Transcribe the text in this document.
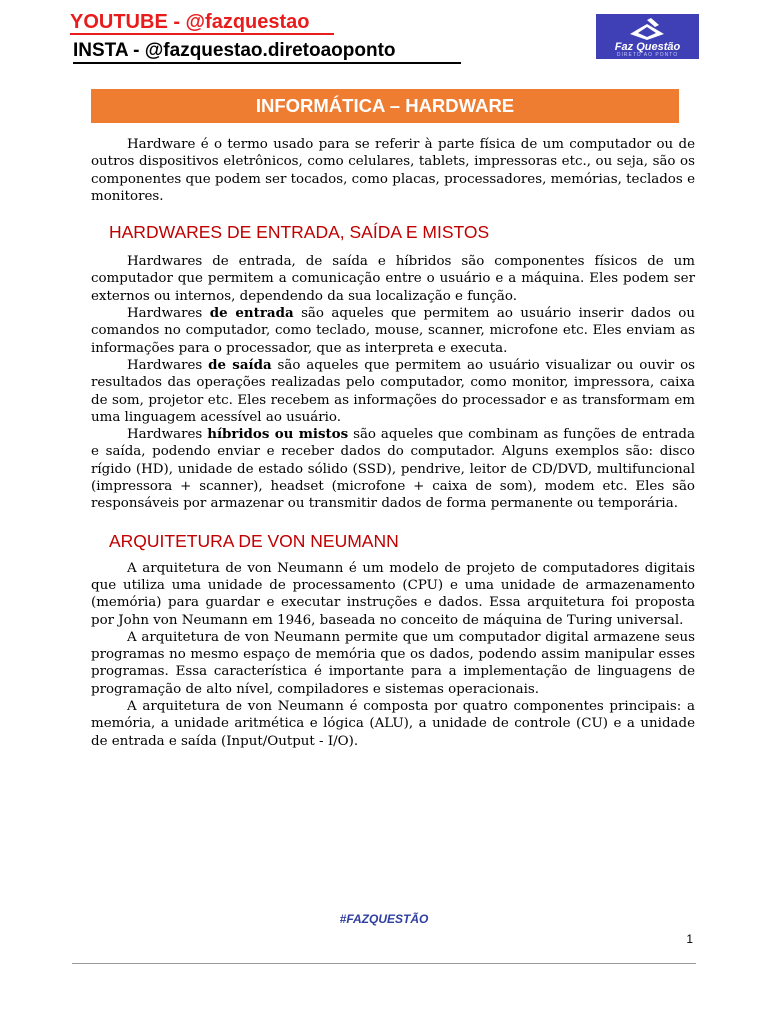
YOUTUBE - @fazquestao
INSTA - @fazquestao.diretoaoponto	Faz Questão
DIRETO AO PONTO
INFORMÁTICA – HARDWARE

Hardware é o termo usado para se referir à parte física de um computador ou de outros dispositivos eletrônicos, como celulares, tablets, impressoras etc., ou seja, são os componentes que podem ser tocados, como placas, processadores, memórias, teclados e monitores.

HARDWARES DE ENTRADA, SAÍDA E MISTOS

Hardwares de entrada, de saída e híbridos são componentes físicos de um computador que permitem a comunicação entre o usuário e a máquina. Eles podem ser externos ou internos, dependendo da sua localização e função.

Hardwares de entrada são aqueles que permitem ao usuário inserir dados ou comandos no computador, como teclado, mouse, scanner, microfone etc. Eles enviam as informações para o processador, que as interpreta e executa.

Hardwares de saída são aqueles que permitem ao usuário visualizar ou ouvir os resultados das operações realizadas pelo computador, como monitor, impressora, caixa de som, projetor etc. Eles recebem as informações do processador e as transformam em uma linguagem acessível ao usuário.

Hardwares híbridos ou mistos são aqueles que combinam as funções de entrada e saída, podendo enviar e receber dados do computador. Alguns exemplos são: disco rígido (HD), unidade de estado sólido (SSD), pendrive, leitor de CD/DVD, multifuncional (impressora + scanner), headset (microfone + caixa de som), modem etc. Eles são responsáveis por armazenar ou transmitir dados de forma permanente ou temporária.

ARQUITETURA DE VON NEUMANN

A arquitetura de von Neumann é um modelo de projeto de computadores digitais que utiliza uma unidade de processamento (CPU) e uma unidade de armazenamento (memória) para guardar e executar instruções e dados. Essa arquitetura foi proposta por John von Neumann em 1946, baseada no conceito de máquina de Turing universal.

A arquitetura de von Neumann permite que um computador digital armazene seus programas no mesmo espaço de memória que os dados, podendo assim manipular esses programas. Essa característica é importante para a implementação de linguagens de programação de alto nível, compiladores e sistemas operacionais.

A arquitetura de von Neumann é composta por quatro componentes principais: a memória, a unidade aritmética e lógica (ALU), a unidade de controle (CU) e a unidade de entrada e saída (Input/Output - I/O).

#FAZQUESTÃO
1
